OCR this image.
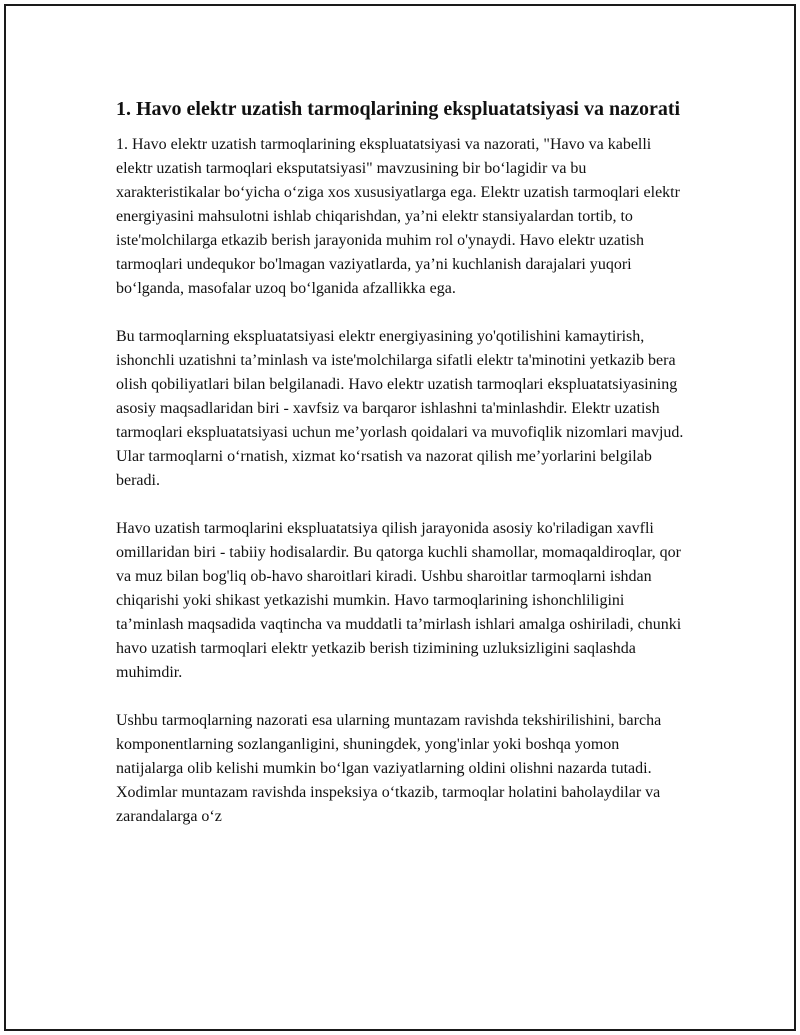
1. Havo elektr uzatish tarmoqlarining ekspluatatsiyasi va nazorati

1. Havo elektr uzatish tarmoqlarining ekspluatatsiyasi va nazorati, "Havo va kabelli elektr uzatish tarmoqlari eksputatsiyasi" mavzusining bir bo‘lagidir va bu xarakteristikalar bo‘yicha o‘ziga xos xususiyatlarga ega. Elektr uzatish tarmoqlari elektr energiyasini mahsulotni ishlab chiqarishdan, ya’ni elektr stansiyalardan tortib, to iste'molchilarga etkazib berish jarayonida muhim rol o'ynaydi. Havo elektr uzatish tarmoqlari undequkor bo'lmagan vaziyatlarda, ya’ni kuchlanish darajalari yuqori bo‘lganda, masofalar uzoq bo‘lganida afzallikka ega.

Bu tarmoqlarning ekspluatatsiyasi elektr energiyasining yo'qotilishini kamaytirish, ishonchli uzatishni ta’minlash va iste'molchilarga sifatli elektr ta'minotini yetkazib bera olish qobiliyatlari bilan belgilanadi. Havo elektr uzatish tarmoqlari ekspluatatsiyasining asosiy maqsadlaridan biri - xavfsiz va barqaror ishlashni ta'minlashdir. Elektr uzatish tarmoqlari ekspluatatsiyasi uchun me’yorlash qoidalari va muvofiqlik nizomlari mavjud. Ular tarmoqlarni o‘rnatish, xizmat ko‘rsatish va nazorat qilish me’yorlarini belgilab beradi.

Havo uzatish tarmoqlarini ekspluatatsiya qilish jarayonida asosiy ko'riladigan xavfli omillaridan biri - tabiiy hodisalardir. Bu qatorga kuchli shamollar, momaqaldiroqlar, qor va muz bilan bog'liq ob-havo sharoitlari kiradi. Ushbu sharoitlar tarmoqlarni ishdan chiqarishi yoki shikast yetkazishi mumkin. Havo tarmoqlarining ishonchliligini ta’minlash maqsadida vaqtincha va muddatli ta’mirlash ishlari amalga oshiriladi, chunki havo uzatish tarmoqlari elektr yetkazib berish tizimining uzluksizligini saqlashda muhimdir.

Ushbu tarmoqlarning nazorati esa ularning muntazam ravishda tekshirilishini, barcha komponentlarning sozlanganligini, shuningdek, yong'inlar yoki boshqa yomon natijalarga olib kelishi mumkin bo‘lgan vaziyatlarning oldini olishni nazarda tutadi. Xodimlar muntazam ravishda inspeksiya o‘tkazib, tarmoqlar holatini baholaydilar va zarandalarga o‘z
